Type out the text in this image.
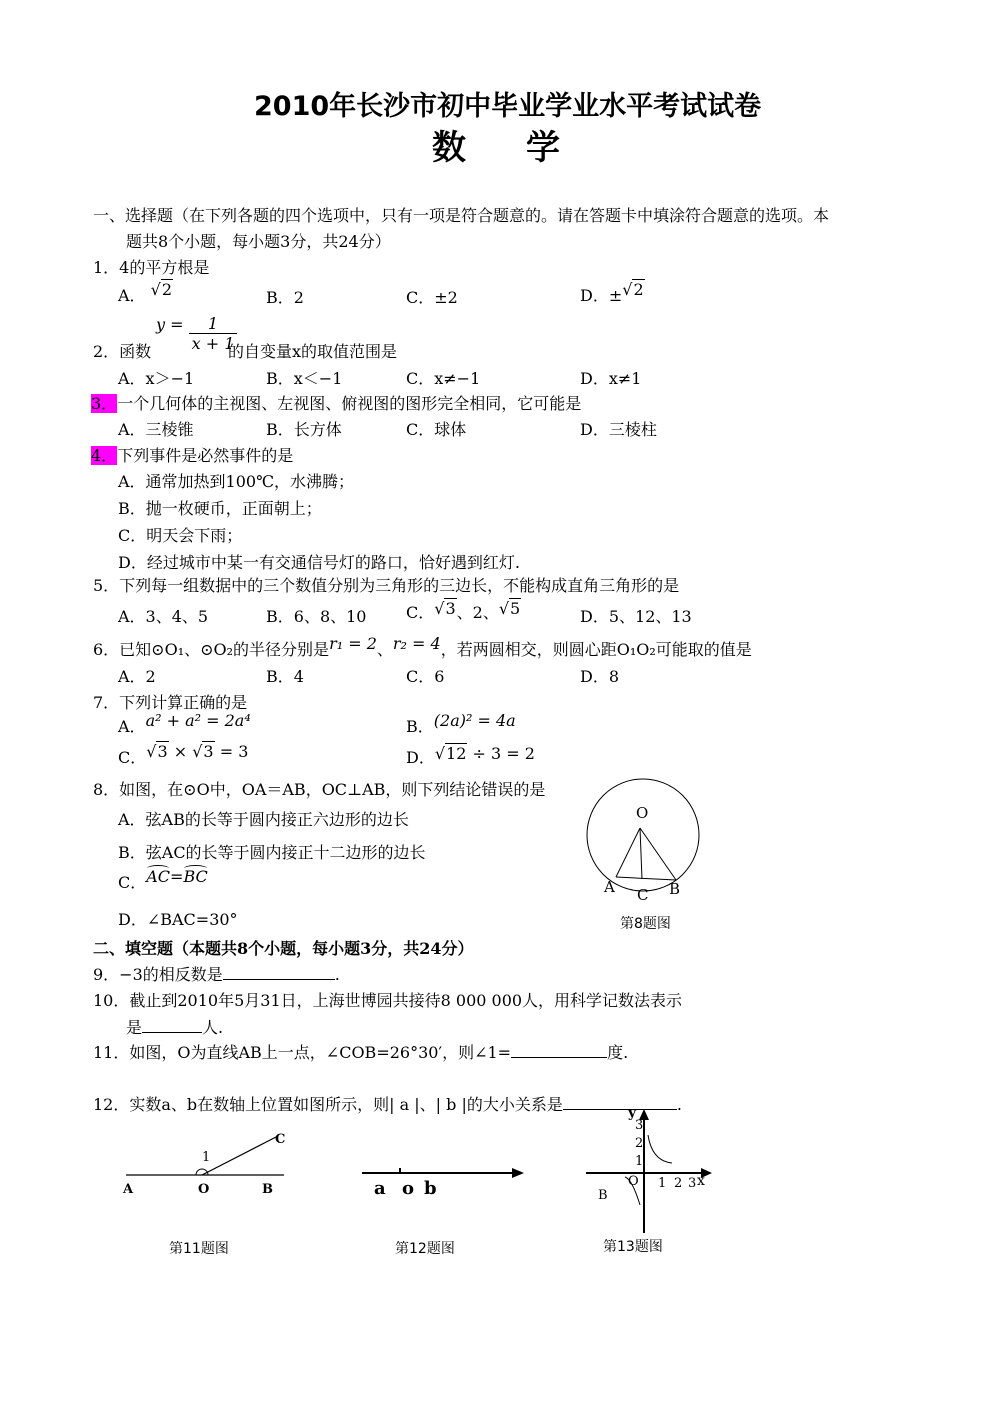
2010年长沙市初中毕业学业水平考试试卷
数学
一、选择题（在下列各题的四个选项中，只有一项是符合题意的。请在答题卡中填涂符合题意的选项。本
题共8个小题，每小题3分，共24分）
1．4的平方根是
A． √2	B．2	C．±2	D．±√2
$y = \frac{1}{x + 1}$
2．函数	的自变量x的取值范围是
A．x＞−1	B．x＜−1	C．x≠−1	D．x≠1
3．一个几何体的主视图、左视图、俯视图的图形完全相同，它可能是
A．三棱锥	B．长方体	C．球体	D．三棱柱
4．下列事件是必然事件的是
A．通常加热到100℃，水沸腾；
B．抛一枚硬币，正面朝上；
C．明天会下雨；
D．经过城市中某一有交通信号灯的路口，恰好遇到红灯.
5．下列每一组数据中的三个数值分别为三角形的三边长，不能构成直角三角形的是
A．3、4、5	B．6、8、10 C．√3、2、√5	D．5、12、13
6．已知⊙O₁、⊙O₂的半径分别是r₁ = 2、r₂ = 4，若两圆相交，则圆心距O₁O₂可能取的值是
A．2	B．4	C．6	D．8
7．下列计算正确的是
A．a² + a² = 2a⁴	B．(2a)² = 4a
C．√3 × √3 = 3	D．√12 ÷ 3 = 2
8．如图，在⊙O中，OA＝AB，OC⊥AB，则下列结论错误的是
A．弦AB的长等于圆内接正六边形的边长
B．弦AC的长等于圆内接正十二边形的边长
C．AC=BC
D．∠BAC=30°
O
A C B
第8题图
二、填空题（本题共8个小题，每小题3分，共24分）
9．−3的相反数是	.
10．截止到2010年5月31日，上海世博园共接待8 000 000人，用科学记数法表示
是	人.
11．如图，O为直线AB上一点，∠COB=26°30′，则∠1=	度.
12．实数a、b在数轴上位置如图所示，则| a |、| b |的大小关系是	.
1
A	O	B
C
第11题图
a o b
第12题图
y
x
3
2
1
1 2 3
O
B
第13题图
